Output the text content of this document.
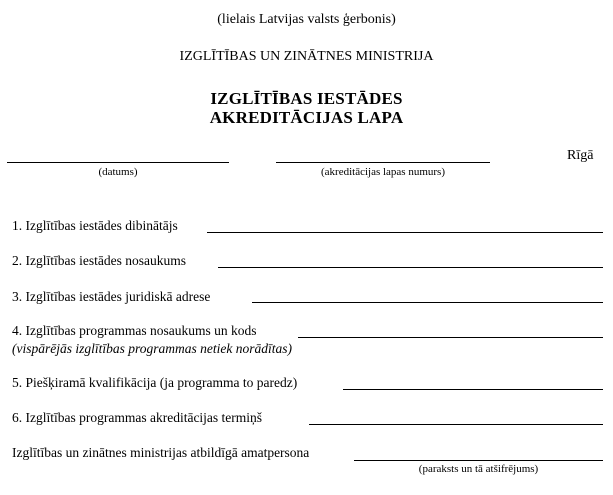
(lielais Latvijas valsts ģerbonis)
IZGLĪTĪBAS UN ZINĀTNES MINISTRIJA
IZGLĪTĪBAS IESTĀDES
AKREDITĀCIJAS LAPA
(datums)	(akreditācijas lapas numurs)
Rīgā
1. Izglītības iestādes dibinātājs
2. Izglītības iestādes nosaukums
3. Izglītības iestādes juridiskā adrese
4. Izglītības programmas nosaukums un kods
(vispārējās izglītības programmas netiek norādītas)
5. Piešķiramā kvalifikācija (ja programma to paredz)
6. Izglītības programmas akreditācijas termiņš
Izglītības un zinātnes ministrijas atbildīgā amatpersona
(paraksts un tā atšifrējums)
